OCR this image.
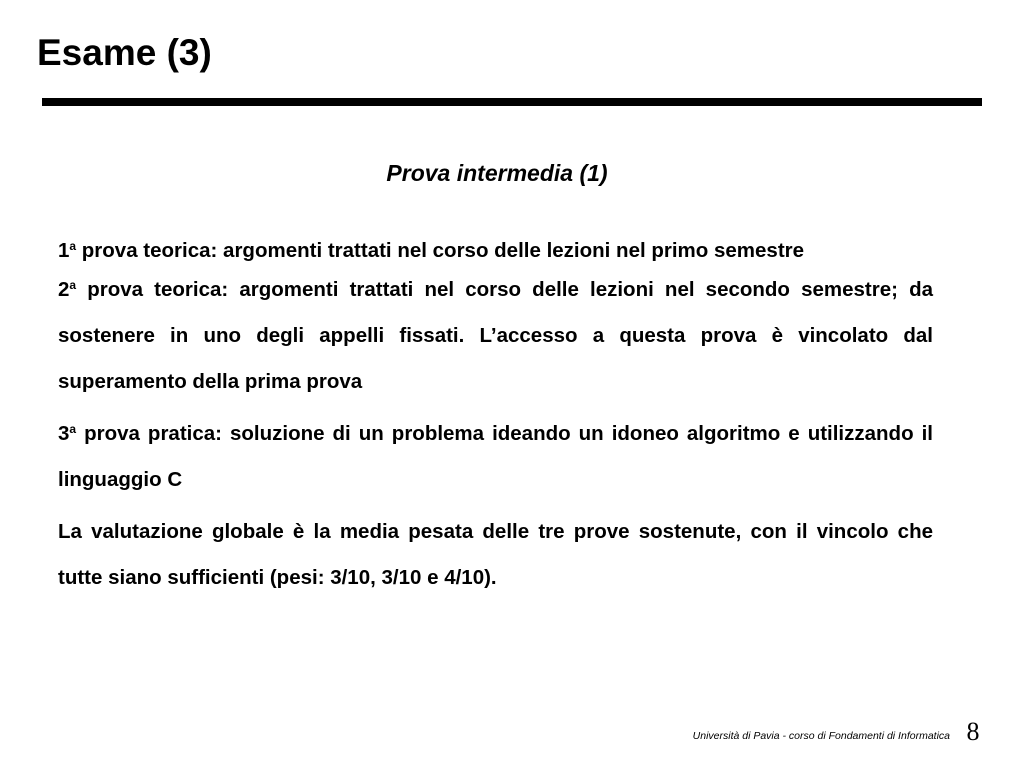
Esame (3)
Prova intermedia (1)

1$^a$ prova teorica: argomenti trattati nel corso delle lezioni nel primo semestre

2$^a$ prova teorica: argomenti trattati nel corso delle lezioni nel secondo semestre; da sostenere in uno degli appelli fissati. L’accesso a questa prova è vincolato dal superamento della prima prova

3$^a$ prova pratica: soluzione di un problema ideando un idoneo algoritmo e utilizzando il linguaggio C

La valutazione globale è la media pesata delle tre prove sostenute, con il vincolo che tutte siano sufficienti (pesi: 3/10, 3/10 e 4/10).

Università di Pavia - corso di Fondamenti di Informatica 8
